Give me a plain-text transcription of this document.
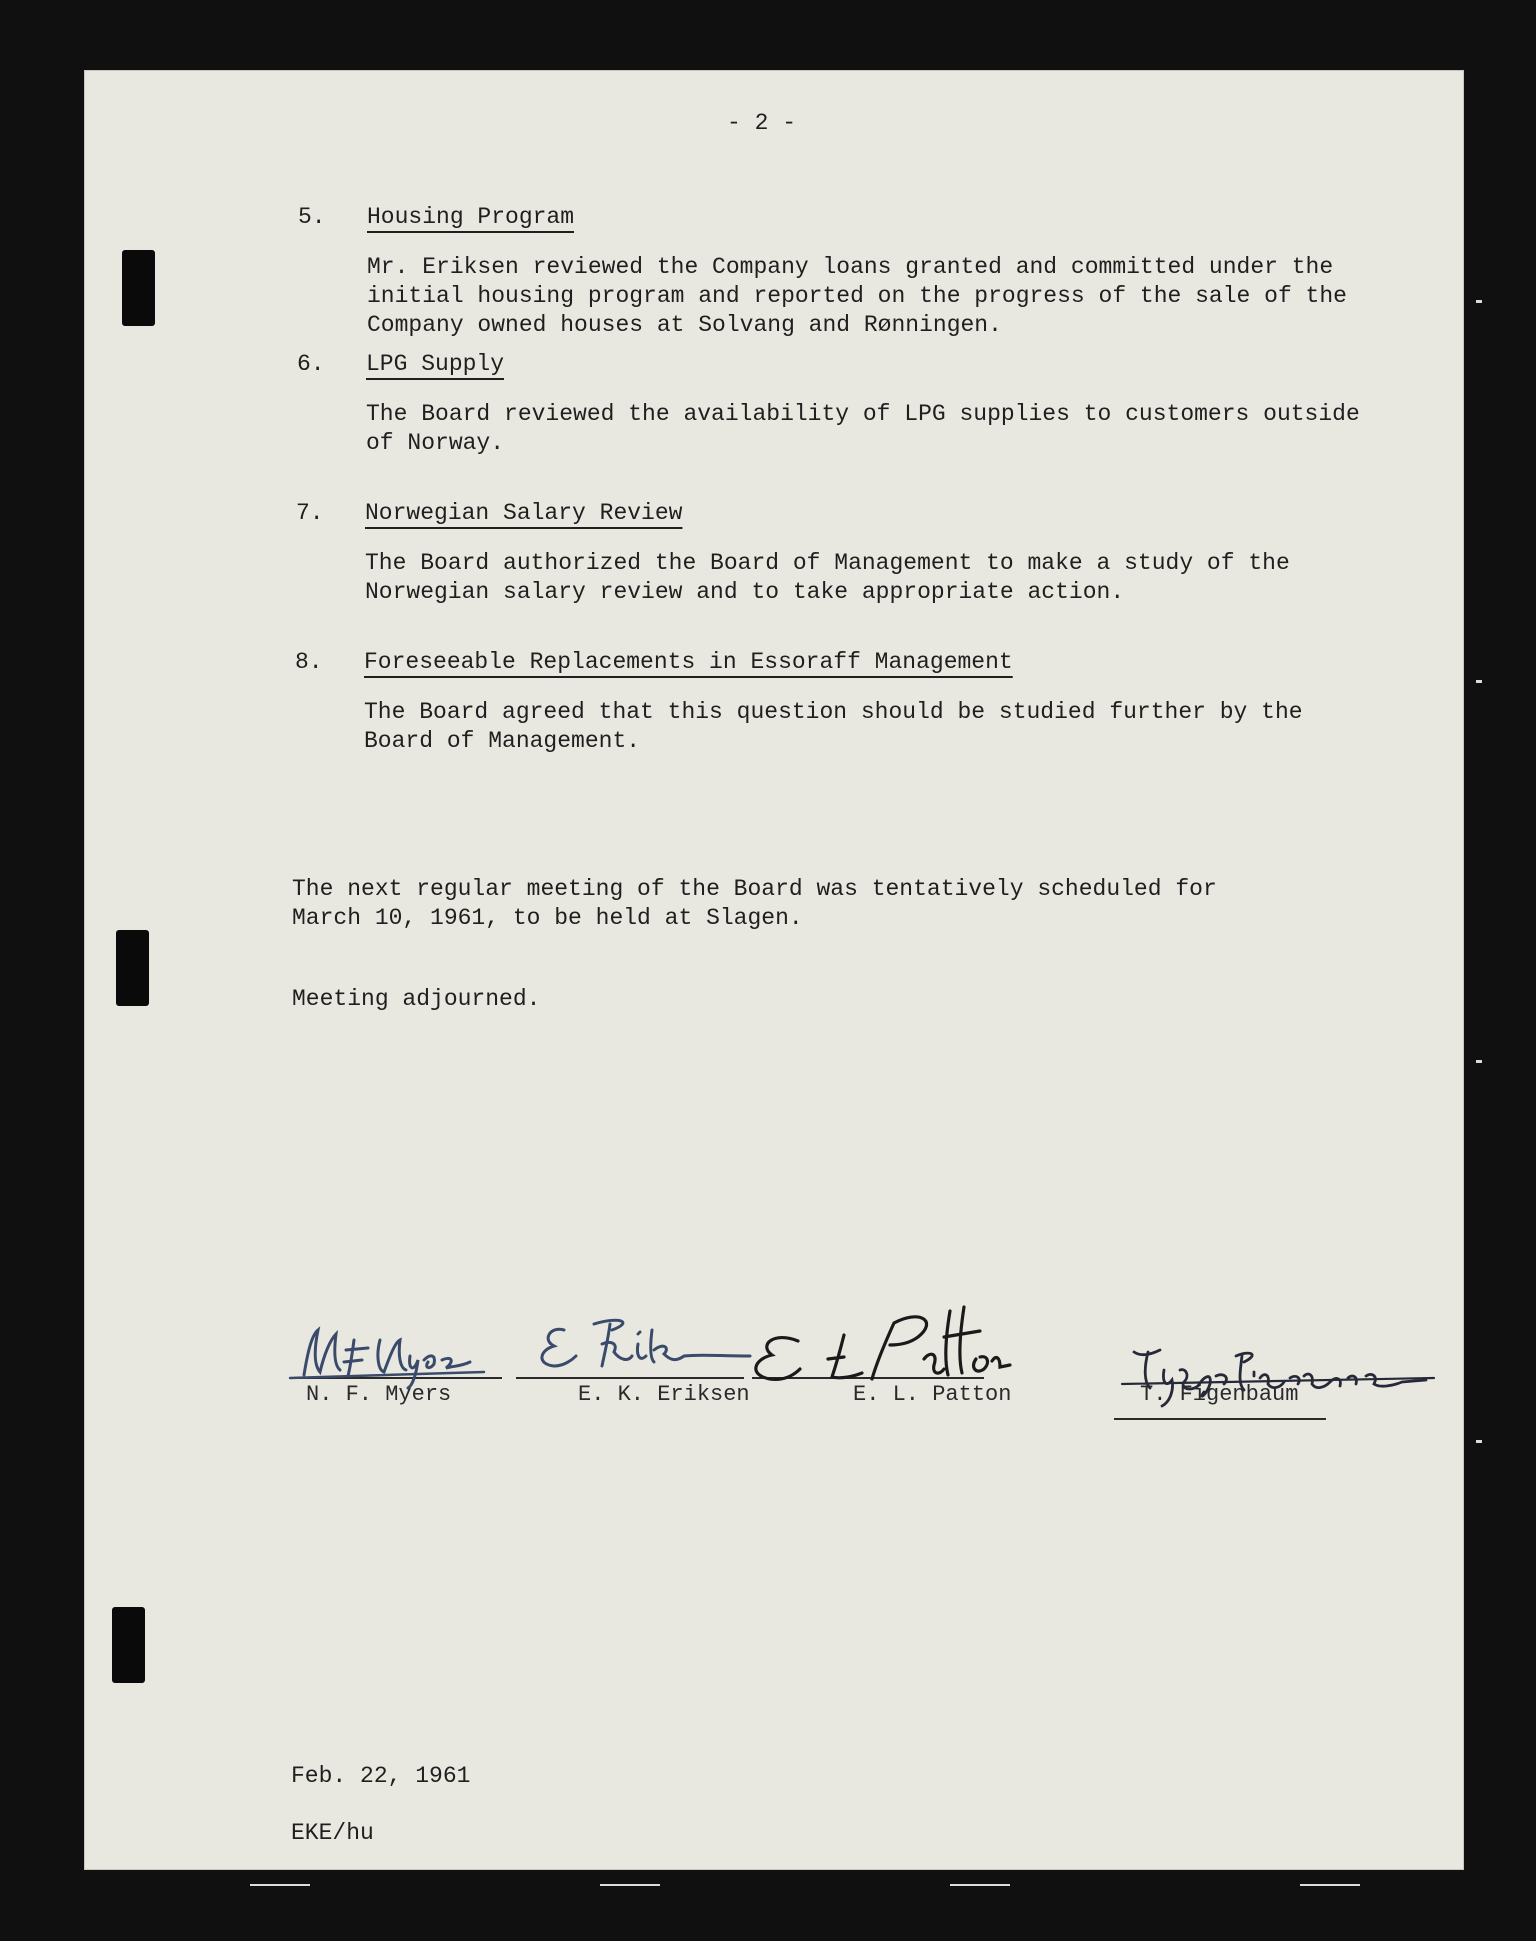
- 2 -
5. Housing Program
Mr. Eriksen reviewed the Company loans granted and committed under the
initial housing program and reported on the progress of the sale of the
Company owned houses at Solvang and Rønningen.
6. LPG Supply
The Board reviewed the availability of LPG supplies to customers outside
of Norway.
7. Norwegian Salary Review
The Board authorized the Board of Management to make a study of the
Norwegian salary review and to take appropriate action.
8. Foreseeable Replacements in Essoraff Management
The Board agreed that this question should be studied further by the
Board of Management.
The next regular meeting of the Board was tentatively scheduled for
March 10, 1961, to be held at Slagen.
Meeting adjourned.
N. F. Myers	E. K. Eriksen	E. L. Patton	T. Figenbaum
Feb. 22, 1961
EKE/hu
